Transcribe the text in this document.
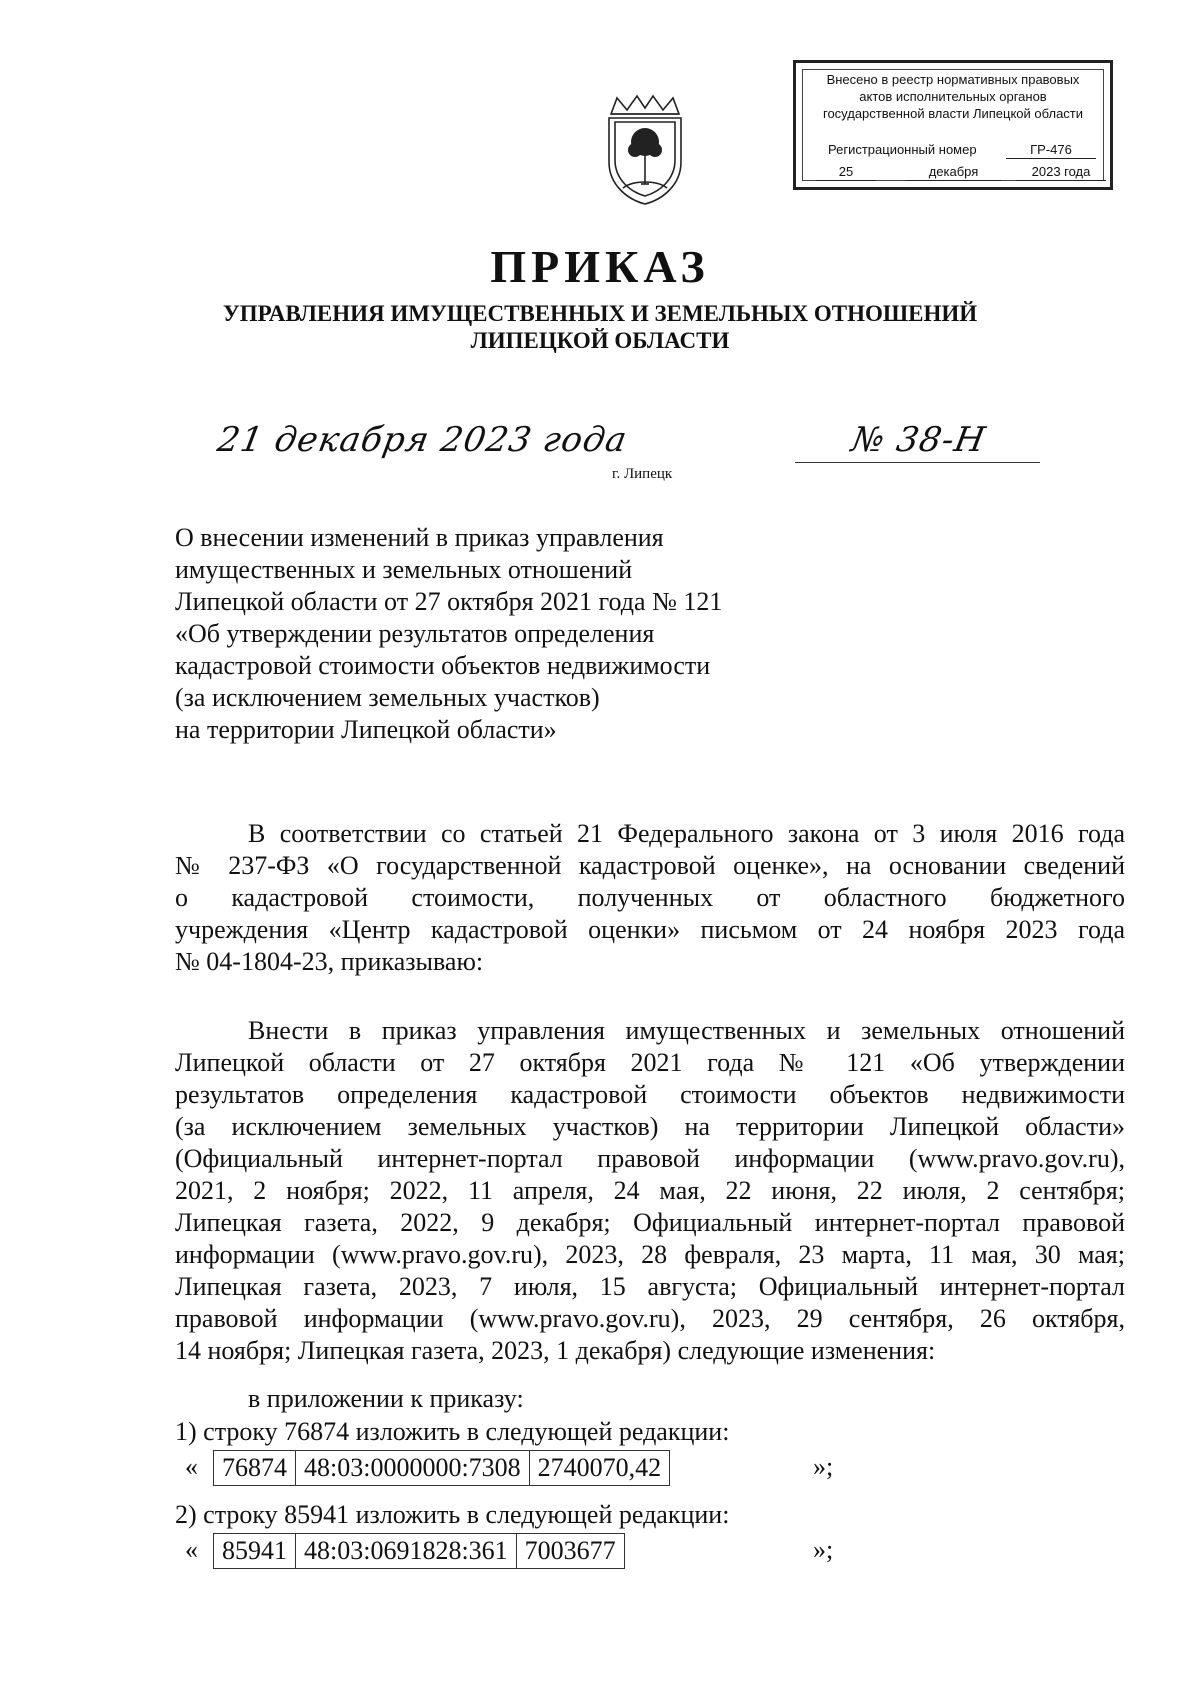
Внесено в реестр нормативных правовых
актов исполнительных органов
государственной власти Липецкой области
Регистрационный номер	ГР-476
25	декабря	2023 года
ПРИКАЗ
УПРАВЛЕНИЯ ИМУЩЕСТВЕННЫХ И ЗЕМЕЛЬНЫХ ОТНОШЕНИЙ
ЛИПЕЦКОЙ ОБЛАСТИ
21 декабря 2023 года	№ 38-Н
г. Липецк
О внесении изменений в приказ управления
имущественных и земельных отношений
Липецкой области от 27 октября 2021 года № 121
«Об утверждении результатов определения
кадастровой стоимости объектов недвижимости
(за исключением земельных участков)
на территории Липецкой области»
В соответствии со статьей 21 Федерального закона от 3 июля 2016 года
№ 237-ФЗ «О государственной кадастровой оценке», на основании сведений
о кадастровой стоимости, полученных от областного бюджетного
учреждения «Центр кадастровой оценки» письмом от 24 ноября 2023 года
№ 04-1804-23, приказываю:
Внести в приказ управления имущественных и земельных отношений
Липецкой области от 27 октября 2021 года № 121 «Об утверждении
результатов определения кадастровой стоимости объектов недвижимости
(за исключением земельных участков) на территории Липецкой области»
(Официальный интернет-портал правовой информации (www.pravo.gov.ru),
2021, 2 ноября; 2022, 11 апреля, 24 мая, 22 июня, 22 июля, 2 сентября;
Липецкая газета, 2022, 9 декабря; Официальный интернет-портал правовой
информации (www.pravo.gov.ru), 2023, 28 февраля, 23 марта, 11 мая, 30 мая;
Липецкая газета, 2023, 7 июля, 15 августа; Официальный интернет-портал
правовой информации (www.pravo.gov.ru), 2023, 29 сентября, 26 октября,
14 ноября; Липецкая газета, 2023, 1 декабря) следующие изменения:
в приложении к приказу:
1) строку 76874 изложить в следующей редакции:
« 76874	48:03:0000000:7308	2740070,42	»;
2) строку 85941 изложить в следующей редакции:
« 85941	48:03:0691828:361	7003677	»;
